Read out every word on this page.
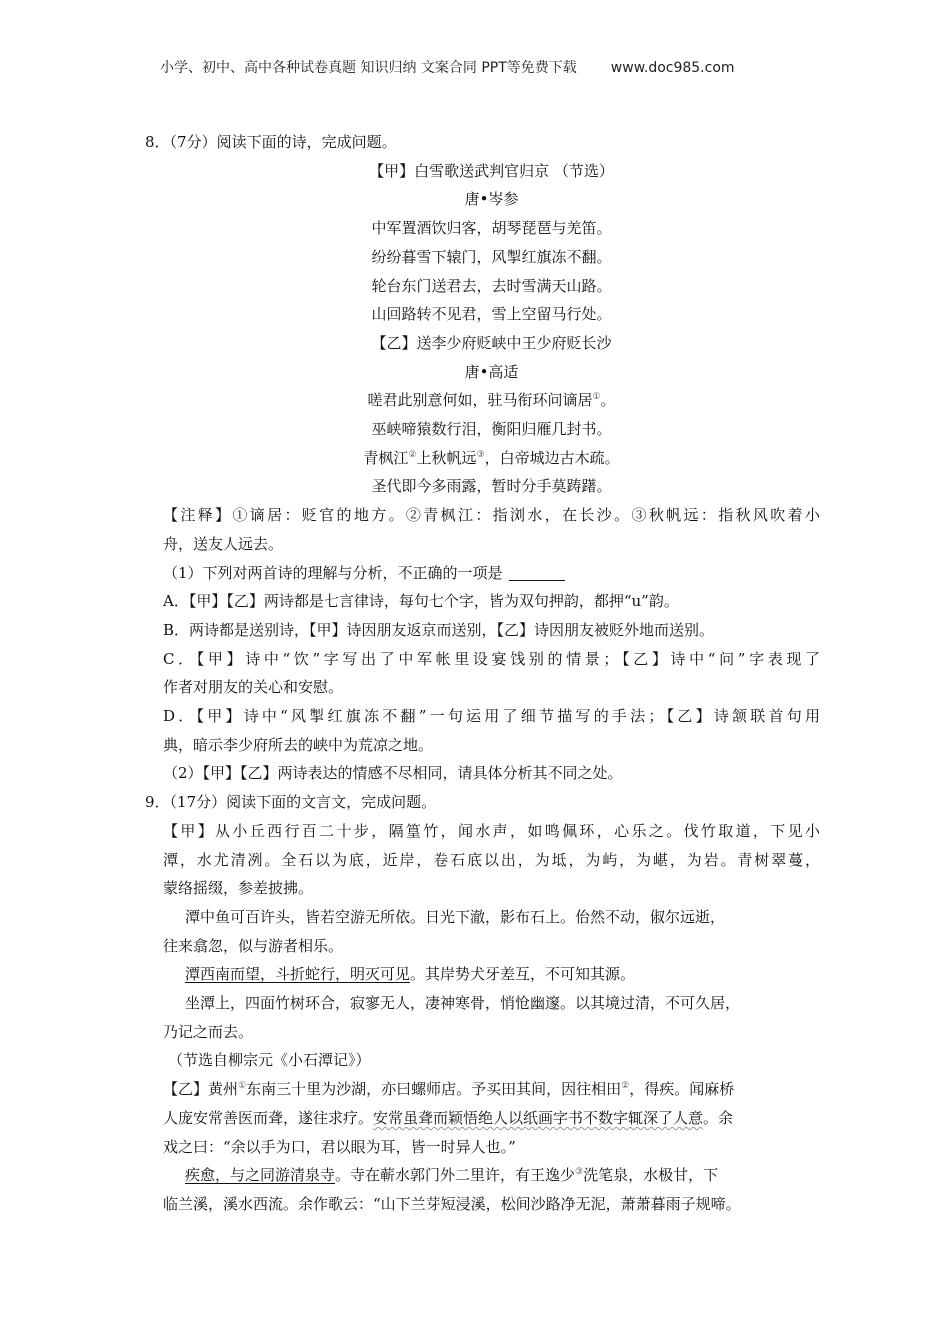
小学、初中、高中各种试卷真题 知识归纳 文案合同 PPT等免费下载 www.doc985.com
8．（7分）阅读下面的诗，完成问题。
【甲】白雪歌送武判官归京 （节选）
唐•岑参
中军置酒饮归客，胡琴琵琶与羌笛。
纷纷暮雪下辕门，风掣红旗冻不翻。
轮台东门送君去，去时雪满天山路。
山回路转不见君，雪上空留马行处。
【乙】送李少府贬峡中王少府贬长沙
唐•高适
嗟君此别意何如，驻马衔环问谪居①。
巫峡啼猿数行泪，衡阳归雁几封书。
青枫江②上秋帆远③，白帝城边古木疏。
圣代即今多雨露，暂时分手莫踌躇。
【注释】①谪居：贬官的地方。②青枫江：指浏水，在长沙。③秋帆远：指秋风吹着小
舟，送友人远去。
（1）下列对两首诗的理解与分析，不正确的一项是
A．【甲】【乙】两诗都是七言律诗，每句七个字，皆为双句押韵，都押“u”韵。
B．两诗都是送别诗，【甲】诗因朋友返京而送别，【乙】诗因朋友被贬外地而送别。
C．【甲】诗中“饮”字写出了中军帐里设宴饯别的情景；【乙】诗中“问”字表现了
作者对朋友的关心和安慰。
D．【甲】诗中“风掣红旗冻不翻”一句运用了细节描写的手法；【乙】诗颔联首句用
典，暗示李少府所去的峡中为荒凉之地。
（2）【甲】【乙】两诗表达的情感不尽相同，请具体分析其不同之处。
9．（17分）阅读下面的文言文，完成问题。
【甲】从小丘西行百二十步，隔篁竹，闻水声，如鸣佩环，心乐之。伐竹取道，下见小
潭，水尤清冽。全石以为底，近岸，卷石底以出，为坻，为屿，为嵁，为岩。青树翠蔓，
蒙络摇缀，参差披拂。
潭中鱼可百许头，皆若空游无所依。日光下澈，影布石上。佁然不动，俶尔远逝，
往来翕忽，似与游者相乐。
潭西南而望，斗折蛇行，明灭可见。其岸势犬牙差互，不可知其源。
坐潭上，四面竹树环合，寂寥无人，凄神寒骨，悄怆幽邃。以其境过清，不可久居，
乃记之而去。
（节选自柳宗元《小石潭记》）
【乙】黄州①东南三十里为沙湖，亦曰螺师店。予买田其间，因往相田②，得疾。闻麻桥
人庞安常善医而聋，遂往求疗。安常虽聋而颖悟绝人以纸画字书不数字辄深了人意。余
戏之曰：“余以手为口，君以眼为耳，皆一时异人也。”
疾愈，与之同游清泉寺。寺在蕲水郭门外二里许，有王逸少③洗笔泉，水极甘，下
临兰溪，溪水西流。余作歌云：“山下兰芽短浸溪，松间沙路净无泥，萧萧暮雨子规啼。
